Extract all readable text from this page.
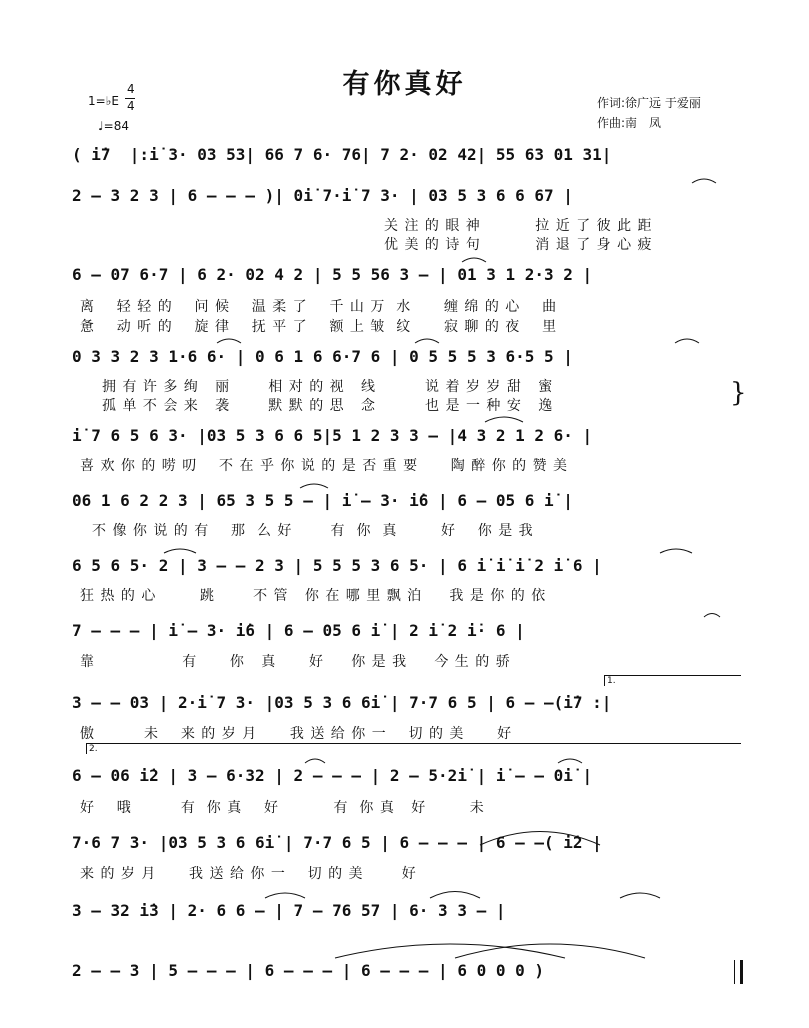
有你真好
1=♭E
4
4
♩=84
作词:徐广远 于爱丽
作曲:南　凤
( i̇7  |:i̇ 3· 03 53| 66 7 6· 76| 7 2· 02 42| 55 63 01 31|
2 — 3 2 3 | 6 — — — )| 0i̇ 7·i̇ 7 3· | 03 5 3 6 6 67 |
关 注 的 眼 神          拉 近 了 彼 此 距
优 美 的 诗 句          消 退 了 身 心 疲
6 — 07 6·7 | 6 2· 02 4 2 | 5 5 56 3 — | 01 3 1 2·3 2 |
离    轻 轻 的    问 候    温 柔 了    千 山 万  水      缠 绵 的 心    曲
惫    动 听 的    旋 律    抚 平 了    额 上 皱  纹      寂 聊 的 夜    里
0 3 3 2 3 1·6 6· | 0 6 1 6 6·7 6 | 0 5 5 5 3 6·5 5 |
拥 有 许 多 绚   丽       相 对 的 视   线         说 着 岁 岁 甜   蜜
孤 单 不 会 来   袭       默 默 的 思   念         也 是 一 种 安   逸	}
i̇ 7 6 5 6 3· |03 5 3 6 6 5|5 1 2 3 3 — |4 3 2 1 2 6· |
喜 欢 你 的 唠 叨    不 在 乎 你 说 的 是 否 重 要      陶 醉 你 的 赞 美
06 1 6 2 2 3 | 65 3 5 5 — | i̇ — 3· i̇6 | 6 — 05 6 i̇ |
不 像 你 说 的 有    那  么 好       有  你  真        好    你 是 我
6 5 6 5· 2 | 3 — — 2 3 | 5 5 5 3 6 5· | 6 i̇ i̇ i̇ 2 i̇ 6 |
狂 热 的 心        跳       不 管   你 在 哪 里 飘 泊     我 是 你 的 依
7 — — — | i̇ — 3· i̇6 | 6 — 05 6 i̇ | 2 i̇ 2 i̇· 6 |
靠                有      你   真      好     你 是 我     今 生 的 骄
1.
3 — — 03 | 2·i̇ 7 3· |03 5 3 6 6i̇ | 7·7 6 5 | 6 — —(i̇7 :|
傲         未    来 的 岁 月      我 送 给 你 一    切 的 美      好
2.
6 — 06 i̇2 | 3 — 6·32 | 2 — — — | 2 — 5·2i̇ | i̇ — — 0i̇ |
好    哦         有  你 真    好          有  你 真   好        未
7·6 7 3· |03 5 3 6 6i̇ | 7·7 6 5 | 6 — — — | 6 — —( i̇2 |
来 的 岁 月      我 送 给 你 一    切 的 美       好
3 — 32 i̇3 | 2· 6 6 — | 7 — 76 57 | 6· 3 3 — |
2 — — 3 | 5 — — — | 6 — — — | 6 — — — | 6 0 0 0 )
